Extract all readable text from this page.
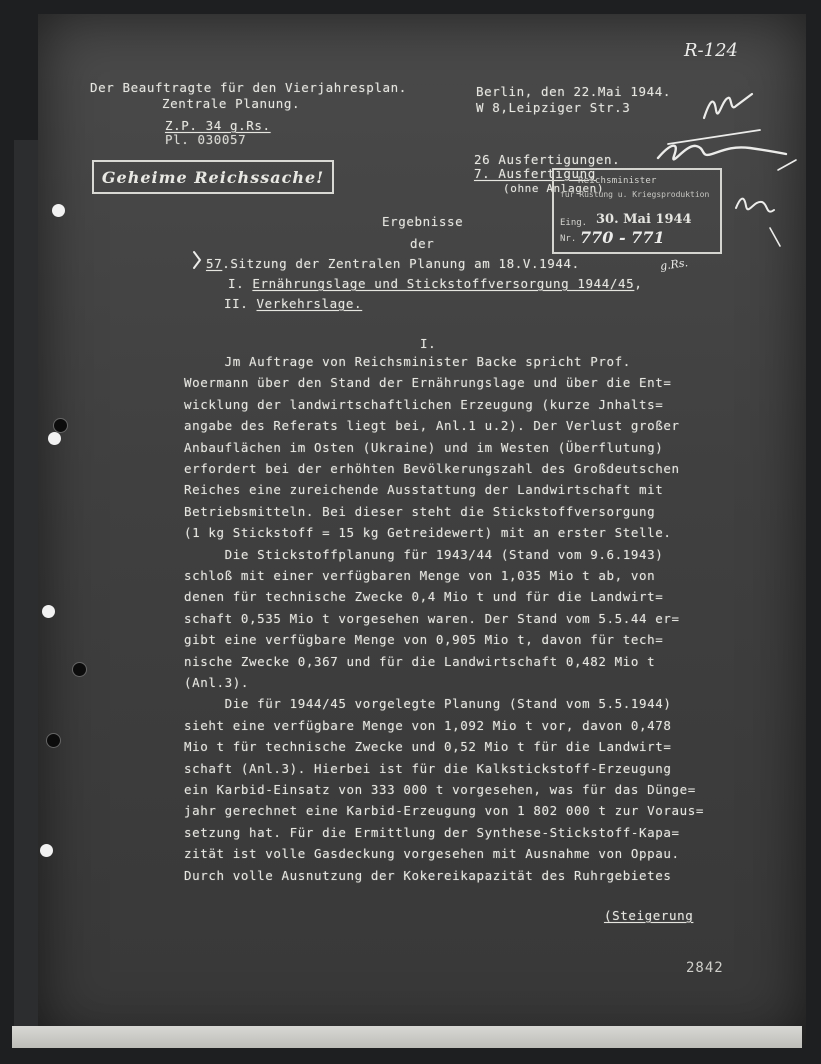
Der Beauftragte für den Vierjahresplan.
Zentrale Planung.
Z.P. 34 g.Rs.
Pl. 030057
Geheime Reichssache!
Berlin, den 22.Mai 1944.
W 8,Leipziger Str.3
26 Ausfertigungen.
7. Ausfertigung
(ohne Anlagen)
Reichsminister
für Rüstung u. Kriegsproduktion
Eing. 30. Mai 1944
Nr. 770 - 771
R-124
g.Rs.
Ergebnisse
der
57.Sitzung der Zentralen Planung am 18.V.1944.
I. Ernährungslage und Stickstoffversorgung 1944/45,
II. Verkehrslage.
I.
Jm Auftrage von Reichsminister Backe spricht Prof.
Woermann über den Stand der Ernährungslage und über die Ent=
wicklung der landwirtschaftlichen Erzeugung (kurze Jnhalts=
angabe des Referats liegt bei, Anl.1 u.2). Der Verlust großer
Anbauflächen im Osten (Ukraine) und im Westen (Überflutung)
erfordert bei der erhöhten Bevölkerungszahl des Großdeutschen
Reiches eine zureichende Ausstattung der Landwirtschaft mit
Betriebsmitteln. Bei dieser steht die Stickstoffversorgung
(1 kg Stickstoff = 15 kg Getreidewert) mit an erster Stelle.
Die Stickstoffplanung für 1943/44 (Stand vom 9.6.1943)
schloß mit einer verfügbaren Menge von 1,035 Mio t ab, von
denen für technische Zwecke 0,4 Mio t und für die Landwirt=
schaft 0,535 Mio t vorgesehen waren. Der Stand vom 5.5.44 er=
gibt eine verfügbare Menge von 0,905 Mio t, davon für tech=
nische Zwecke 0,367 und für die Landwirtschaft 0,482 Mio t
(Anl.3).
Die für 1944/45 vorgelegte Planung (Stand vom 5.5.1944)
sieht eine verfügbare Menge von 1,092 Mio t vor, davon 0,478
Mio t für technische Zwecke und 0,52 Mio t für die Landwirt=
schaft (Anl.3). Hierbei ist für die Kalkstickstoff-Erzeugung
ein Karbid-Einsatz von 333 000 t vorgesehen, was für das Dünge=
jahr gerechnet eine Karbid-Erzeugung von 1 802 000 t zur Voraus=
setzung hat. Für die Ermittlung der Synthese-Stickstoff-Kapa=
zität ist volle Gasdeckung vorgesehen mit Ausnahme von Oppau.
Durch volle Ausnutzung der Kokereikapazität des Ruhrgebietes
(Steigerung
2842
